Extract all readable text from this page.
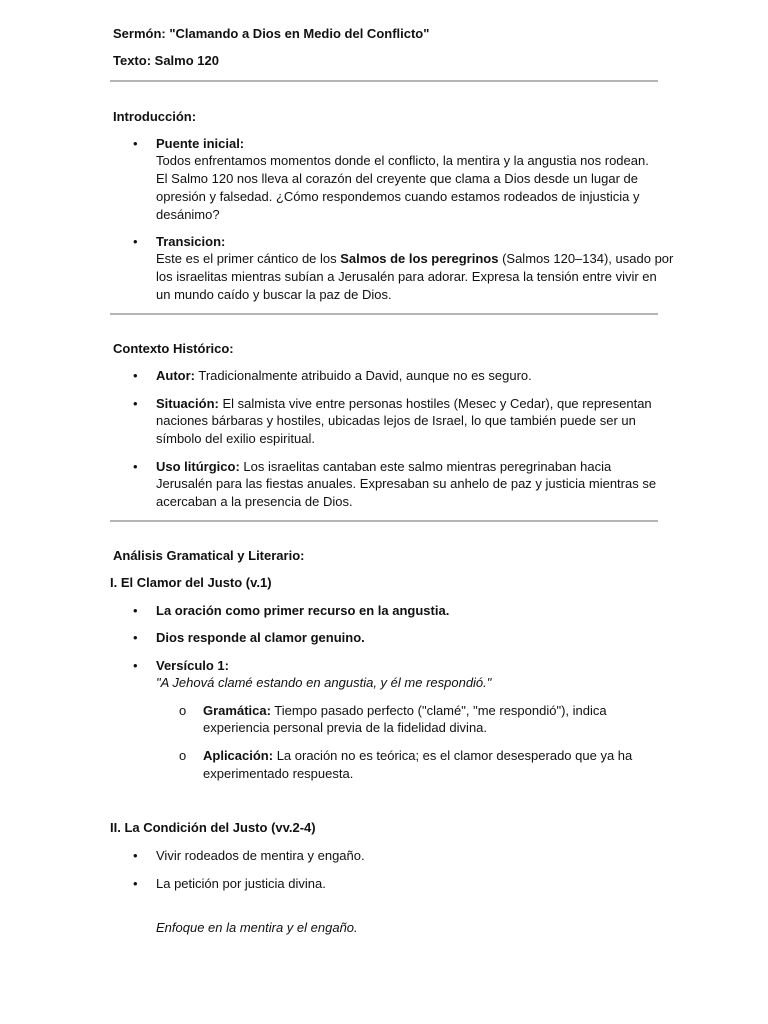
Sermón: "Clamando a Dios en Medio del Conflicto"
Texto: Salmo 120
Introducción:
• Puente inicial:
Todos enfrentamos momentos donde el conflicto, la mentira y la angustia nos rodean.
El Salmo 120 nos lleva al corazón del creyente que clama a Dios desde un lugar de
opresión y falsedad. ¿Cómo respondemos cuando estamos rodeados de injusticia y
desánimo?
• Transicion:
Este es el primer cántico de los Salmos de los peregrinos (Salmos 120–134), usado por
los israelitas mientras subían a Jerusalén para adorar. Expresa la tensión entre vivir en
un mundo caído y buscar la paz de Dios.
Contexto Histórico:
• Autor: Tradicionalmente atribuido a David, aunque no es seguro.
• Situación: El salmista vive entre personas hostiles (Mesec y Cedar), que representan
naciones bárbaras y hostiles, ubicadas lejos de Israel, lo que también puede ser un
símbolo del exilio espiritual.
• Uso litúrgico: Los israelitas cantaban este salmo mientras peregrinaban hacia
Jerusalén para las fiestas anuales. Expresaban su anhelo de paz y justicia mientras se
acercaban a la presencia de Dios.
Análisis Gramatical y Literario:
I. El Clamor del Justo (v.1)
• La oración como primer recurso en la angustia.
• Dios responde al clamor genuino.
• Versículo 1:
"A Jehová clamé estando en angustia, y él me respondió."
o Gramática: Tiempo pasado perfecto ("clamé", "me respondió"), indica
experiencia personal previa de la fidelidad divina.
o Aplicación: La oración no es teórica; es el clamor desesperado que ya ha
experimentado respuesta.
II. La Condición del Justo (vv.2-4)
• Vivir rodeados de mentira y engaño.
• La petición por justicia divina.
Enfoque en la mentira y el engaño.
